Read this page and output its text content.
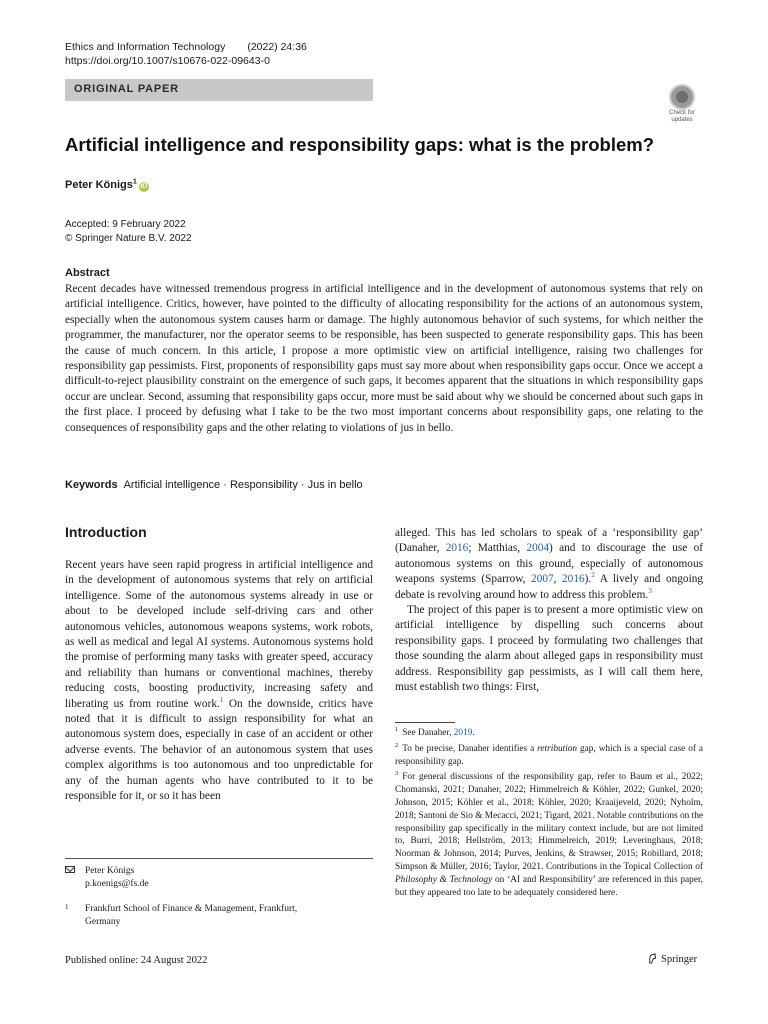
Ethics and Information Technology (2022) 24:36
https://doi.org/10.1007/s10676-022-09643-0
ORIGINAL PAPER
Check for
updates
Artificial intelligence and responsibility gaps: what is the problem?
Peter Königs$^1$iD
Accepted: 9 February 2022
© Springer Nature B.V. 2022
Abstract
Recent decades have witnessed tremendous progress in artificial intelligence and in the development of autonomous systems that rely on artificial intelligence. Critics, however, have pointed to the difficulty of allocating responsibility for the actions of an autonomous system, especially when the autonomous system causes harm or damage. The highly autonomous behavior of such systems, for which neither the programmer, the manufacturer, nor the operator seems to be responsible, has been suspected to generate responsibility gaps. This has been the cause of much concern. In this article, I propose a more optimistic view on artificial intelligence, raising two challenges for responsibility gap pessimists. First, proponents of responsibility gaps must say more about when responsibility gaps occur. Once we accept a difficult-to-reject plausibility constraint on the emergence of such gaps, it becomes apparent that the situations in which responsibility gaps occur are unclear. Second, assuming that responsibility gaps occur, more must be said about why we should be concerned about such gaps in the first place. I proceed by defusing what I take to be the two most important concerns about responsibility gaps, one relating to the consequences of responsibility gaps and the other relating to violations of jus in bello.
Keywords Artificial intelligence · Responsibility · Jus in bello
Introduction
Recent years have seen rapid progress in artificial intelligence and in the development of autonomous systems that rely on artificial intelligence. Some of the autonomous systems already in use or about to be developed include self-driving cars and other autonomous vehicles, autonomous weapons systems, work robots, as well as medical and legal AI systems. Autonomous systems hold the promise of performing many tasks with greater speed, accuracy and reliability than humans or conventional machines, thereby reducing costs, boosting productivity, increasing safety and liberating us from routine work.$^1$ On the downside, critics have noted that it is difficult to assign responsibility for what an autonomous system does, especially in case of an accident or other adverse events. The behavior of an autonomous system that uses complex algorithms is too autonomous and too unpredictable for any of the human agents who have contributed to it to be responsible for it, or so it has been

alleged. This has led scholars to speak of a ‘responsibility gap’ (Danaher, 2016; Matthias, 2004) and to discourage the use of autonomous systems on this ground, especially of autonomous weapons systems (Sparrow, 2007, 2016).$^2$ A lively and ongoing debate is revolving around how to address this problem.$^3$

The project of this paper is to present a more optimistic view on artificial intelligence by dispelling such concerns about responsibility gaps. I proceed by formulating two challenges that those sounding the alarm about alleged gaps in responsibility must address. Responsibility gap pessimists, as I will call them here, must establish two things: First,

$^1$ See Danaher, 2019.

$^2$ To be precise, Danaher identifies a retribution gap, which is a special case of a responsibility gap.

$^3$ For general discussions of the responsibility gap, refer to Baum et al., 2022; Chomanski, 2021; Danaher, 2022; Himmelreich & Köhler, 2022; Gunkel, 2020; Johnson, 2015; Köhler et al., 2018; Köhler, 2020; Kraaijeveld, 2020; Nyholm, 2018; Santoni de Sio & Mecacci, 2021; Tigard, 2021. Notable contributions on the responsibility gap specifically in the military context include, but are not limited to, Burri, 2018; Hellström, 2013; Himmelreich, 2019; Leveringhaus, 2018; Noorman & Johnson, 2014; Purves, Jenkins, & Strawser, 2015; Robillard, 2018; Simpson & Müller, 2016; Taylor, 2021. Contributions in the Topical Collection of Philosophy & Technology on ‘AI and Responsibility’ are referenced in this paper, but they appeared too late to be adequately considered here.

Peter Königs
p.koenigs@fs.de
1 Frankfurt School of Finance & Management, Frankfurt,
Germany
Published online: 24 August 2022	Springer
